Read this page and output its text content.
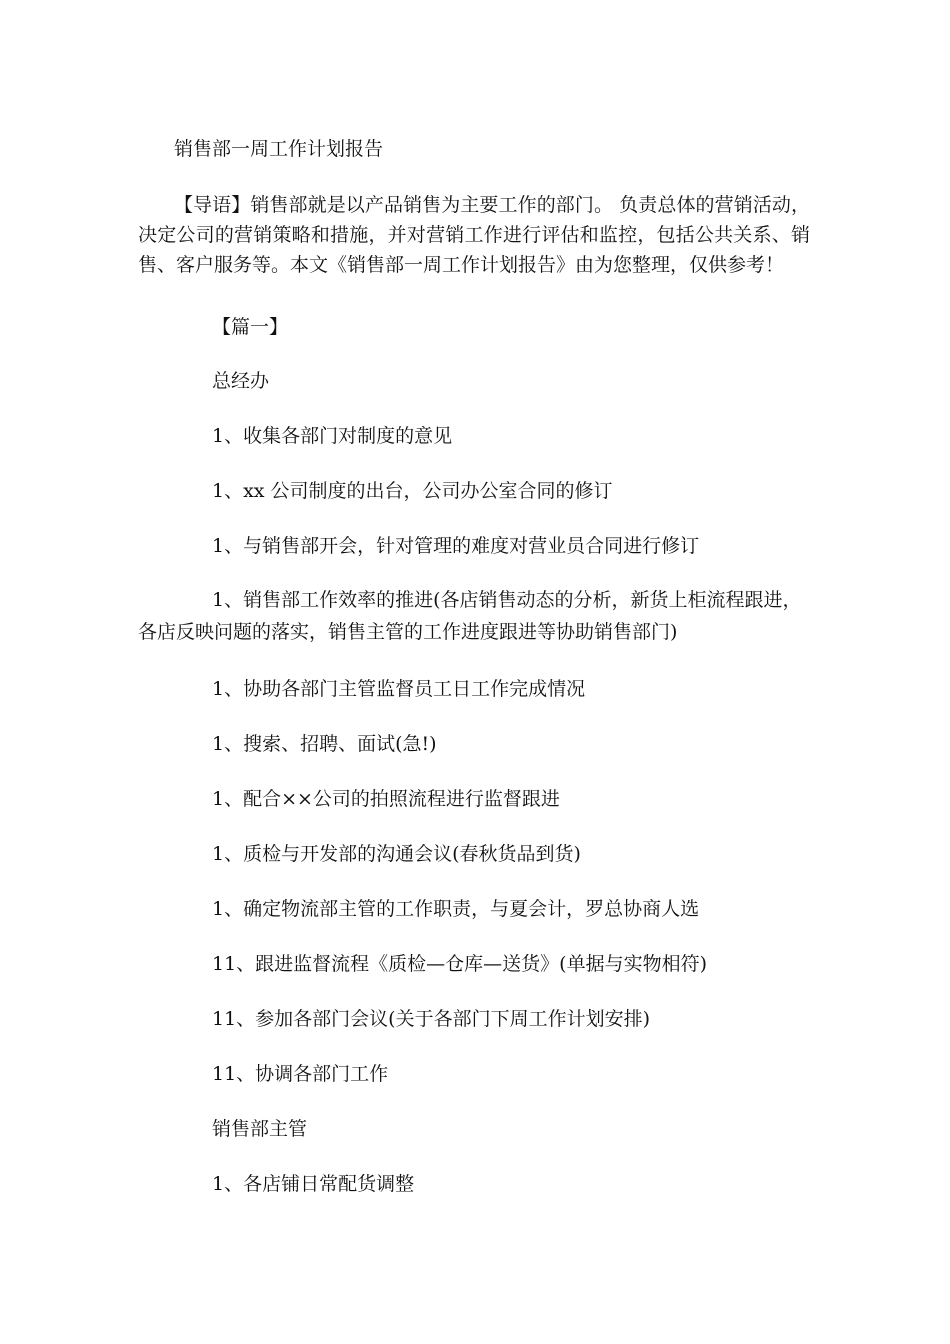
销售部一周工作计划报告
【导语】销售部就是以产品销售为主要工作的部门。 负责总体的营销活动，决定公司的营销策略和措施，并对营销工作进行评估和监控，包括公共关系、销售、客户服务等。本文《销售部一周工作计划报告》由为您整理，仅供参考！
【篇一】
总经办
1、收集各部门对制度的意见
1、xx 公司制度的出台，公司办公室合同的修订
1、与销售部开会，针对管理的难度对营业员合同进行修订
1、销售部工作效率的推进(各店销售动态的分析，新货上柜流程跟进，各店反映问题的落实，销售主管的工作进度跟进等协助销售部门)
1、协助各部门主管监督员工日工作完成情况
1、搜索、招聘、面试(急!)
1、配合××公司的拍照流程进行监督跟进
1、质检与开发部的沟通会议(春秋货品到货)
1、确定物流部主管的工作职责，与夏会计，罗总协商人选
11、跟进监督流程《质检—仓库—送货》(单据与实物相符)
11、参加各部门会议(关于各部门下周工作计划安排)
11、协调各部门工作
销售部主管
1、各店铺日常配货调整
